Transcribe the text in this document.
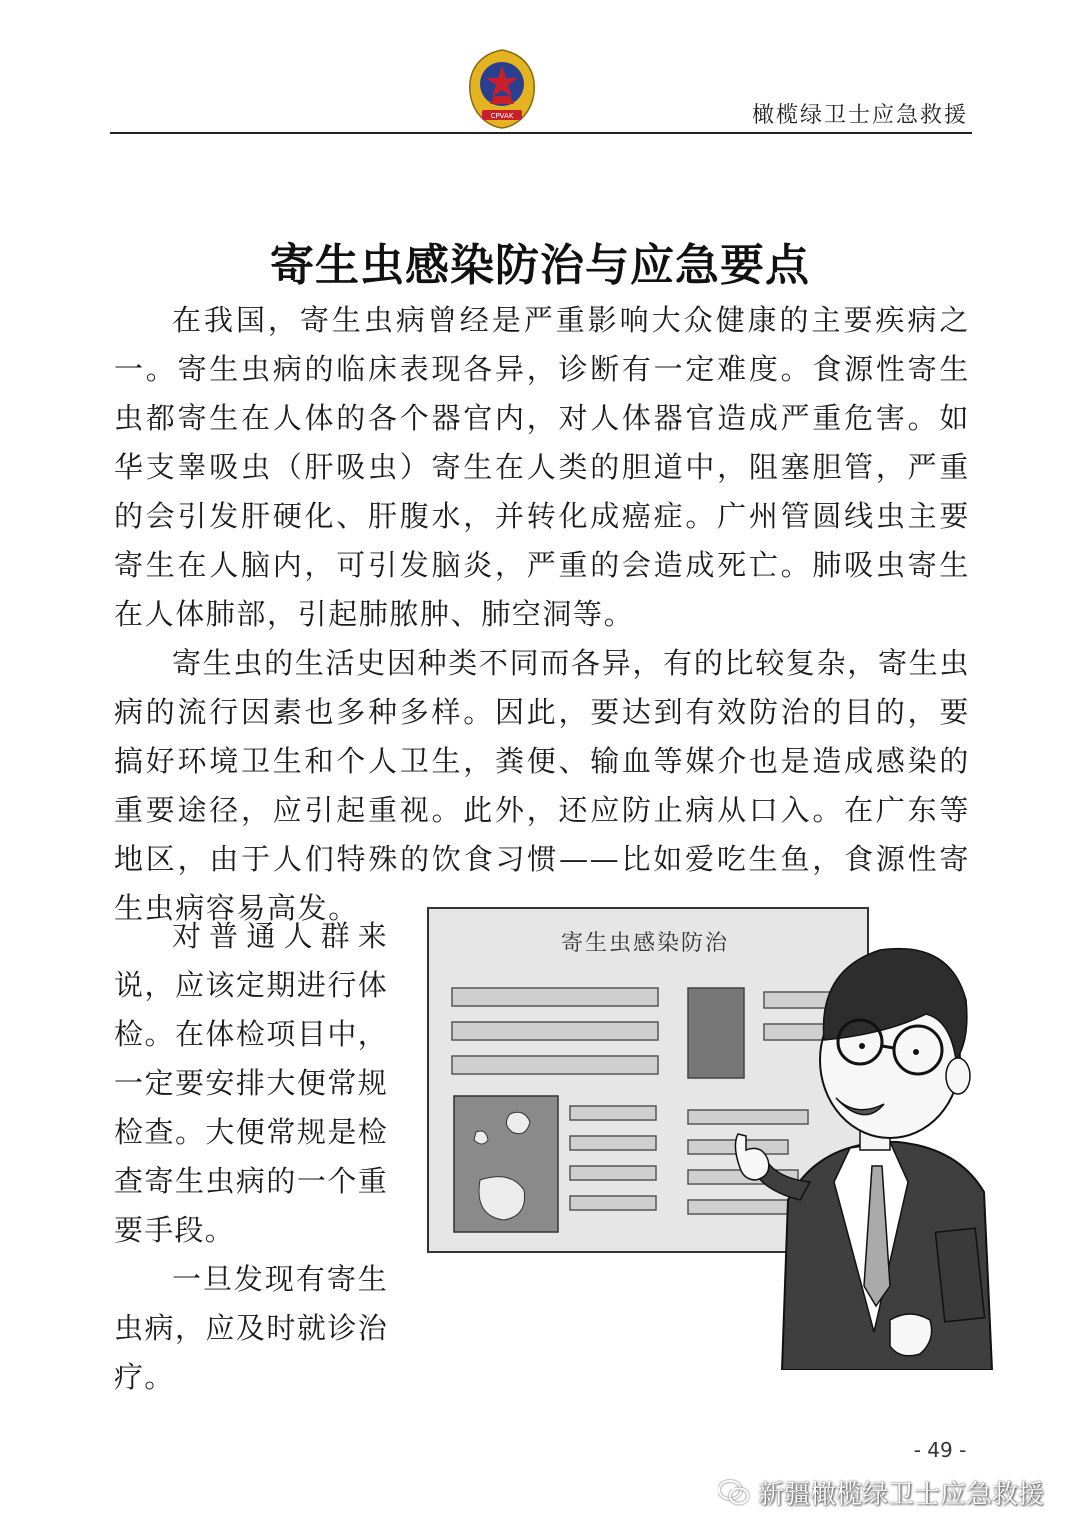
CPVAK	橄榄绿卫士应急救援
寄生虫感染防治与应急要点

在我国，寄生虫病曾经是严重影响大众健康的主要疾病之一。寄生虫病的临床表现各异，诊断有一定难度。食源性寄生虫都寄生在人体的各个器官内，对人体器官造成严重危害。如华支睾吸虫（肝吸虫）寄生在人类的胆道中，阻塞胆管，严重的会引发肝硬化、肝腹水，并转化成癌症。广州管圆线虫主要寄生在人脑内，可引发脑炎，严重的会造成死亡。肺吸虫寄生在人体肺部，引起肺脓肿、肺空洞等。

寄生虫的生活史因种类不同而各异，有的比较复杂，寄生虫病的流行因素也多种多样。因此，要达到有效防治的目的，要搞好环境卫生和个人卫生，粪便、输血等媒介也是造成感染的重要途径，应引起重视。此外，还应防止病从口入。在广东等地区，由于人们特殊的饮食习惯——比如爱吃生鱼，食源性寄生虫病容易高发。

对普通人群来说，应该定期进行体检。在体检项目中，一定要安排大便常规检查。大便常规是检查寄生虫病的一个重要手段。

一旦发现有寄生虫病，应及时就诊治疗。

寄生虫感染防治
- 49 -
新疆橄榄绿卫士应急救援
